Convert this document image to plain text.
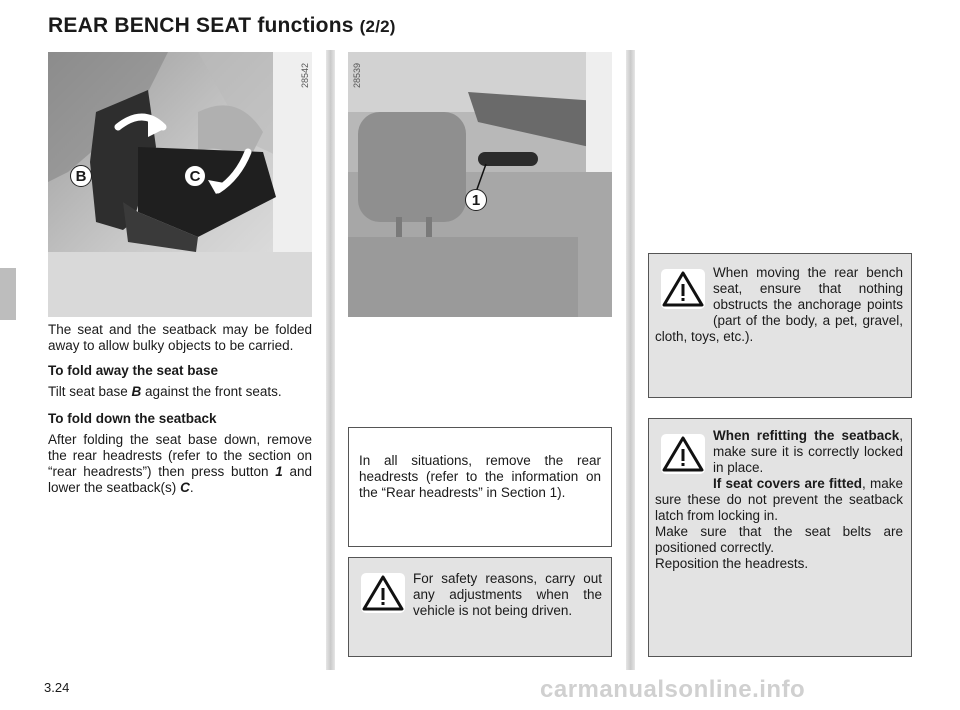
REAR BENCH SEAT functions (2/2)
B	C
28542
1
28539

The seat and the seatback may be folded away to allow bulky objects to be carried.

To fold away the seat base

Tilt seat base B against the front seats.

To fold down the seatback

After folding the seat base down, remove the rear headrests (refer to the section on “rear headrests”) then press button 1 and lower the seatback(s) C.

In all situations, remove the rear headrests (refer to the information on the “Rear headrests” in Section 1).
For safety reasons, carry out any adjustments when the vehicle is not being driven.
When moving the rear bench seat, ensure that nothing obstructs the anchorage points (part of the body, a pet, gravel, cloth, toys, etc.).
When refitting the seatback, make sure it is correctly locked in place.
If seat covers are fitted, make sure these do not prevent the seatback latch from locking in.
Make sure that the seat belts are positioned correctly.
Reposition the headrests.
3.24	carmanualsonline.info
